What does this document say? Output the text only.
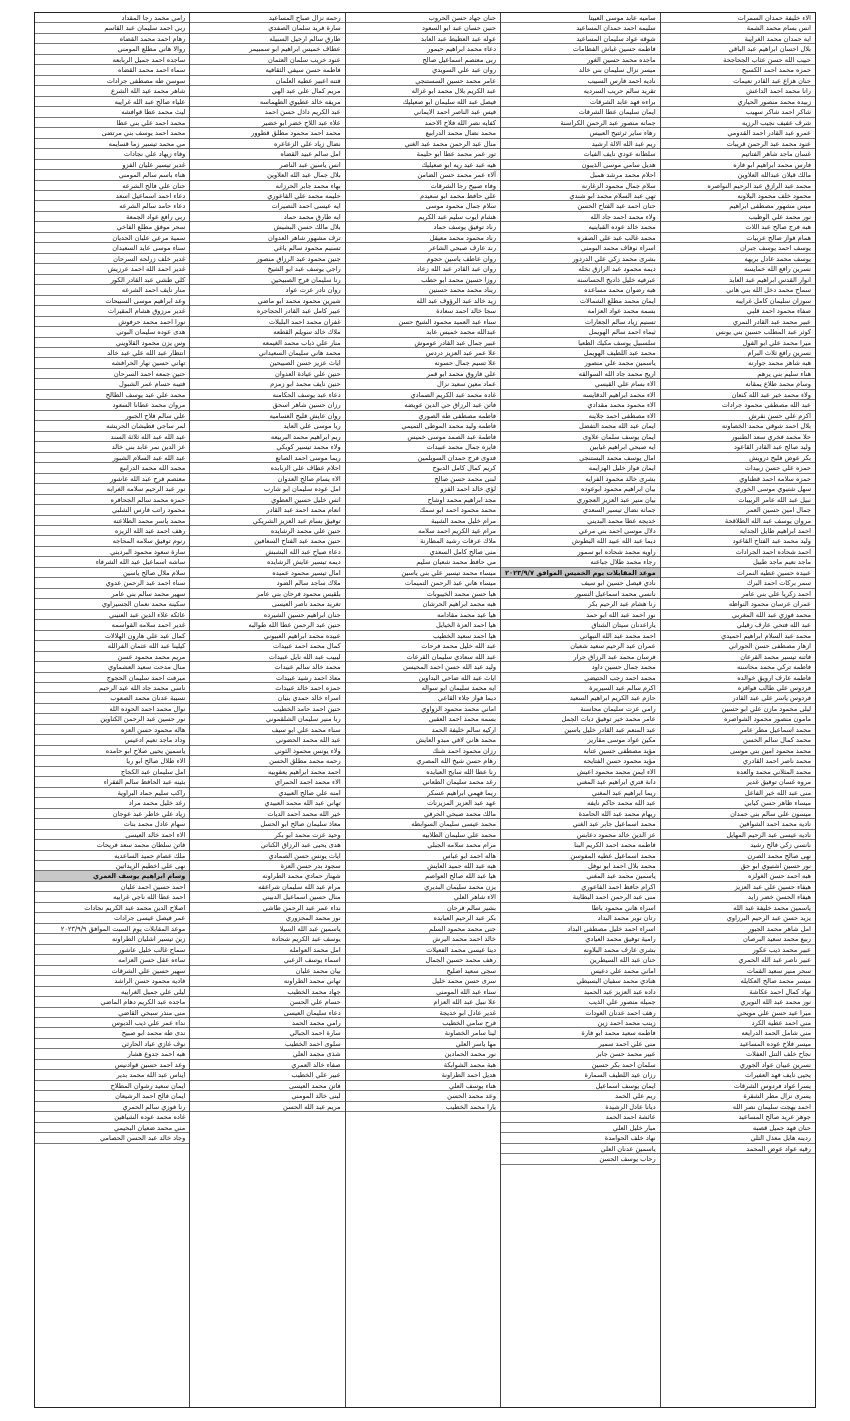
الاء خليفة حمدان السمرات
انس بسام محمد الشمة
ايه حمدان محمد الغرايبة
بلال احسان ابراهيم عبد الباقي
حبيب الله حسن عثاب الجحاجحة
حمزه محمد احمد الكسبح
حنان هزاع عبد القادر نعيمات
رانا محمد احمد الداعش
زبيده محمد منصور الحياري
شاكر احمد شاكر سهيب
شرف عفيف نجيب الرزيه
عمرو عبد القادر احمد القدومي
عنود محمد عبد الرحمن قريبات
غسان ماجد شاهر الفتاتيم
فارس محمد ابراهيم ابو فاره
مالك قبلان عبدالله العلاوين
محمد عبد الرازق عبد الرحيم النواصره
محمود خلف محمود البلاونه
ميس مشهور مصطفى ابراهيم
نور محمد علي الوظيب
هبه فرج صالح عبد اللات
همام فواز صالح عربيات
يوسف احمد يوسف جبران
يوسف محمد عادل بريهه
نسرين رافع الله خمايسه
انوار القدس ابراهيم عبد العابد
سماح محمد دخل الله بني هاني
سوزان سليمان كامل غرايبه
صفاء محمود احمد قلبي
عبير محمد عبد القادر النمري
كوثر عبد المطلب حسين بني يونس
ميرا محمد علي ابو الفول
نسرين رافع ثلاث البرام
هبه شاهر محمد جوارنه
هناء سليم بني يرهم
وسام محمد طلاع يمقانه
ولاء محمد خير عبد الله كنعان
عبد الله مصطفى محمود جرادات
اكرم علي حسن نقرش
بلال احمد شوقي محمد الخصاونه
حلا محمد فخري سعد الطنبور
وليد صالح عبد القادر القاعود
بكر عوض فليح درويش
حمزه علي حسن زبيدات
حمزه سلامه احمد قطناوي
سهل شتيوي موسى الخوري
نبيل عبد الله عامر الربيبات
جمال امين حسين العمر
مروان يوسف عبد الله الطلاقحة
احمد ابراهيم طايل الجدايه
وليد محمد عبد الفتاح القاعود
احمد شحاده احمد الجرادات
ماجد نعيم ماجد طبيل
عبيده حسين عطيه النمرات
سمر بركات احمد البرك
احمد زكريا علي بني عامر
عمران عرسان محمود النواظه
محمد فوزي عبد الله المغربي
عبد الله فتحي عارف زقيلي
محمد عبد السلام ابراهيم احميدي
ازهار مصطفى حسن الحوراني
فاتنه تيسير محمد القرعان
فاطمه تركي محمد محاسنه
فاطمه عارف ارويق خوالده
فردوس علي طالب فواقزه
فردوس ياسر علي عبد القادر
ليلى محمود مازن علي ابو حسين
مامون منصور محمود الشواصره
محمد اسماعيل مطر عامر
محمد كمال سالم الحسن
محمد محمود امين بني موسى
محمد ناصر احمد القادري
محمد المثلاني محمد والعده
مروه غسان توفيق غدير
منى عبد الله خير الفاعل
ميساء ظاهر حسن كبابي
ميسون علي سالم بني حمدان
ناديه محمد احمد الشوافين
ناديه عيسى عبد الرحيم المهايل
نانسي زكي فالح رشيد
نهى صالح محمد الصرن
نور حسين اشتيوي ابو حق
هبه احمد حسن الغولزه
هيفاء حسين علي عبد العزيز
هيفاء الحسن خضر زايد
ياسمين محمد خليفة عبد الله
يزيد حسن عبد الرحيم البرزاوي
امل شاهر محمد الجبور
ربيع محمد سعيد البرصان
عبير محمد ذيب عكور
عبير ناصر عبد الله الحمري
سحر منير سعيد القمات
ميسر محمد صالح العكايله
نهاد كمال احمد عكاشة
نور محمد عبد الله النويري
ميرا عيد حسن علي مويحي
مني احمد عطيه الكرد
مني شامل الحمد الدرايعه
ميسر فلاح عوده المساعيد
نجاح خلف التنل العفلات
نسرين عبيان عواد الجوري
يحيى نايف فهد العفيرات
يسرا عواد فردوس الشرقات
يسرى نزال مطر الشقرة
احمد بهجت سليمان نصر الله
جوهر عريد صالح المساعيد
حنان فهد جميل قصبه
ردينه هايل معذل التلي
رقيه عواد عوض المحمد
ساميه عابد موسى العبيتا
سليمه احمد حمدان المساعيد
شوقه عواد سليمان المساعيد
فاطمه حسين غباش الفطامات
ماجده محمد حسين الغور
ميسر نزال سليمان بني خالد
ناديه احمد فارس السبيب
تقريد سالم حريب السرديه
براءه فهد عابد الشرقات
ايمان سليمان عطا الشرقات
جمانه منصور عبد الرحمن الكراسنة
رهاء ساير ثرثتيح العبيس
ريم عبد الله الالة ارشيد
سلطانه عودي نايف الفيات
هديل سامي موسى الذيبون
احلام محمد مرشد همبل
سلام جمال محمود الزغارنه
تهي عبد السلام محمد ابو شندي
حنان احمد عبد الفتاح الحسن
ولاء محمد احمد جاد الله
محمد خالد عوده القباينيه
محمد غالب عبد علي الصفره
اسراء نوفاف محمد البومني
بشرى محمد زكي علي الدردور
ديمه محمود عبد الرازق نخله
عبرفيه خليل ذاديخ الحساسنه
هبه رضوان محمد مساعده
ايمان محمد مطلع الشمالات
بسمه محمد عواد العزامه
تسنيم زياد سالم الجعارات
ثيماء احمد سالم الهويمل
سلسبيل يوسف مكيك الطعيا
محمد عبد اللطيف الهويمل
ياسمين محمد علي منصور
اريج محمد جاد الله السوالقه
الاء بسام علي القيسي
الاء محمد ابراهيم الدقايسه
الاء محمود محمد مقدادي
الاء مصطفى احمد جلاينه
ايمان عبد الله محمد التفضل
ايمان يوسف سلمان علاوى
ايه صبحي ابراهيم غيابين
امال يوسف محمد البستنجي
ايمان فواز خليل الهزايمه
بشرى خالد محمود الفرايه
بيان ابراهيم محمود ابوعوده
بيان منير عبد العزيز العجوري
جمانه نضال تيسير السعدي
خديجه عطا محمد البديني
دلال موسى احمد بني مرعي
ديما عبد الله عبيد الله البطوش
راويه محمد شحاده ابو سمور
رجاء محمد طلال جباعنه
موعد المقابلات يوم الخميس الموافق ٢٠٢٣/٩/٧
نادي فيصل حسين ابو سيف
نانسي محمد اسماعيل النسور
رنا هشام عبد الرحيم بكر
نور احمد عبد الله ابو حمد
ياراعدنان سيتان الشتاق
احمد محمد عبد الله النبهاني
عمران عبد الرحيم سعيد شعبان
فرسان محمد عبد الرزاق جرار
محمد جمال حسين داود
محمد احمد زجب الحتيضي
اكرم سالم عبد السيريرة
حازم عبد الكريم ابراهيم السعيد
رامي عزت سليمان محاسنة
عامر محمد خير توفيق ديات الجمل
عبد المنعم عبد القادر خليل ياسين
مكين عواد موسى مقاريز
مؤيد مصطفى حسين عتابه
مؤيد محمود حسن الفتايحه
الاء ايمن محمد محمود اعيش
دانة فتري ابراهيم عبد المغني
ريما ابراهيم عبد المغني
عبد الله محمد حاكم نايفه
ريهام محمد عبد الله الحامدة
محمد اسماعيل جابر عبد الغني
عز الدين خالد محمود دعابس
فاطمه محمد احمد الكريم البنا
محمد اسماعيل عطيه المفوسن
محمد بلال احمد ابو نوفل
ياسمين محمد عبد المغني
اكرام حافظ احمد الفاعوري
منى عبد الرحمن احمد البطاينة
اسراء هاني محمود باطا
رتان نوير محمد البداد
اسراء احمد خليل مصطفى البداد
رامية توفيق محمد العيادي
بشرى عارف محمد البلاونه
حنان عبد الله السيطرين
اماني محمد علي دعيس
هنادي محمد سفيان البسيطي
داده عبد العزيز عبد الحميد
جميله منصور علي الذيب
رهف احمد عدنان العودات
زينب محمد احمد زين
فاطمه سعيد محمد ابو فارة
منى علي احمد سمير
عبير محمد حسن جابر
سلمان احمد بكر حسين
رزان عيد اللطيف السمارة
ايمان يوسف اسماعيل
ريم علي الحمد
ديانا عادل الرشيدة
عائشة احمد الحمد
ميار خليل العلي
نهاد خلف الحوامدة
ياسمين عدنان العلي
رحاب يوسف الحسن
حنان جهاد حسن الحروب
حنين حسان عبد ابو السعود
عوله عبد العظيط عبد العابد
دعاء محمد ابراهيم حيمور
ربى معتصم اسماعيل صالح
روان عبد علي السويدي
عامر محمد حسين السستنجي
عبد الكريم بلال محمد ابو غزاله
فيصل عبد الله سليمان ابو صعيليك
فيس عبد الناصر احمد الايماني
كفايه نصر الله فلاح الاحمد
محمد نضال محمد الدراببع
منال عبد الرحمن محمد عبد الغني
تور عمر محمد عطا ابو حليمة
هيه عبد عيد ريه ابو صعيليك
آلاء عمر محمد حسن الضامن
وفاء صبيح رجا الشرقات
علي حافظ محمد ابو سعيدم
سلام جمال محمود موسى
هشام ايوب سليم عبد الكريم
رناد توفيق يوسف حماد
رناد محمود محمد معيقل
رند عارف صبحي الشاعر
روان عاطف ياسين حجوم
روان عبد القادر عبد الله زعاد
روزا حسين محمد ابو حطب
ريناد محمد محمد حسنين
زيد خالد عبد الرؤوف عبد الله
سجا خالد احمد سعادة
سناء عبد العميد محمود الشيخ حسن
عبدالله محمد خميس عابد
عبير جمال عبد القادر عوموش
علا عمر عبد العزيز دردس
علا تسيم جمال حسونه
علي فاروق محمد ابو قمر
عماد معين سعيد نزال
غاده محمد عبد الكريم الصمادي
فاتن عبد الرزاق حي الدين عويضه
فاطمه مصطفى طه الصوري
فاطمه وليد محمد الموطى التميمي
فاطمة عبد الصمد موسى خميس
فايزه جمال محمد عبيدات
فدوى فرج حمدان السويلمين
كريم كمال كامل الدبوح
لبنى محمد حسن صالح
لؤي خالد احمد الفزو
مجد ابراهيم محمد اوشاح
محمد محمود احمد ابو سمك
مرام خليل محمد الشيبة
مرام عيد الكريم احمد سلامه
ملاك عرفات رشيد المطارنة
منى صالح كامل السعدي
مي حافظ محمد شعبان سليم
ميساء محمد تيسير علي بني ياسين
ميساء هاني عبد الرحمن التميمات
هبا حسن محمد الخيبوبات
هبه محمد ابراهيم الحرشان
هيا عيد محمد مقادامه
هيا احمد العزة الخيايل
هيا احمد سعيد الخطيب
عبد الله خليل محمد فرحات
عبد الله سعادي سليمان القرعات
وليد عبد الله حسن احمد المحيسن
اياث عبد الله ضاحي البداوين
ايه محمد سليمان ابو سواله
ديما فواز جلاء القاعي
اماني محمد محمود الزواوي
بسمه محمد احمد العقبي
اركيه سالم خليفة الحمد
محمد هاني لافي مبدو العايش
رزان محمود احمد شنك
رهام حسن شيخ الله المصري
رنا عطا الله سابح العبايده
رغد محمد سليمان الطعاني
ريما فهمي ابراهيم عسكر
عهد عبد العزيز المزيزنات
مالك محمد صبحي الحرفي
محمد عيسى سليمان السوابطه
محمد علي سليمان الطلابيه
مرام محمد سلامه الجبلي
هاله احمد ابو عباس
هبه عبد الله حميد العايش
هيا عبد الله صالح العواصم
يزن محمد سليمان البديري
الاء شاهر العلي
بشير سالم فرحان
بكر عبد الرحيم العيايده
جنى محمد محمود السلم
خالد احمد محمد البرش
دينا عيسى محمد الفعيلات
رهف محمد حسين الجمال
سجى سعيد اصليح
سرى حسن محمد خليل
سناء عبد الله المومني
علا نبيل عبد الله العزام
غدير عادل ابو خديجة
فرح سامي الخطيب
لينا سامر الخصاونة
مها ياسر العلي
نور محمد الحمادين
هبة محمد الشوابكة
هديل احمد الطراونة
هناء يوسف العلي
وعد محمد الحسن
يارا محمد الخطيب
رحمه نزال صباح المساعيد
سارة فريد سلمان الصفدي
طارق سالم ارحيل السبيله
عطاف خميس ابراهيم ابو سمبيمر
عنود خريب سلمان العثمان
فاطمه حسن سيفي الثقافيه
فتنه اعبير عطيه العلمان
مريم كمال علي عبد الهي
مريفه خالد عطيوي الطهماسه
عبد الكريم داذل حسن احمد
علاء عبد اللاح خضر ابو خضير
محمد احمد محمود مطلق قطوور
نضال زياد علي الزعاعره
امل سالم عبيد القضاه
انس ياسين عبد الناصر
بلال جمال عبد الله العلاوين
بهاء محمد جابر الحرزانه
حليمه محمد علي القاعوري
ايه عيسى احمد النصيرات
ايه طارق محمد حماد
بلال مالك حسن البشيش
ترف مشهور شاهر العدوان
تسنيم محمود سالم ياغي
جنين محمود عبد الرزاق منصور
راجي يوسف عبد ابو الشيخ
رنا سليمان فرح الصبيحين
روان نادر عزت عواد
شيرين محمود محمد ابو ماضي
عبير كامل عبد القادر الحجاجره
غفران محمد احمد البلبلات
ملاك خالد سويلم القطعه
منار علي ذياب محمد الغيمعه
محمد هاني سليمان السعيداني
اياث عزيز حسن الصبيحين
حنين علي عيادة العدوان
حنين نايف محمد ابو زمزم
دعاء عبد يوسف الحكامنه
رزان حسين شاهر اسحق
روان عايش فليح العساميه
ريا موسى علي العايد
ريم ابراهيم محمد البربيعه
ولاء محمد تيسير كويكي
ريما موسى احمد الصانع
احلام عطاف علي الزبابده
الاء يسام صالح العدوان
امل عوده سليمان ابو شارب
انس خليل حسين العطوي
انعام محمد احمد عبد القادر
توفيق بسام عبد العزيز الشريكي
حنين علي محمد الرشايده
حنين محمد عبد الفتاح السعافين
دعاء صياح عبد الله البشبش
ديمه تيسير عايش الرشايده
امال تيسير محمود عميده
ملاك ساجد سالم الضود
بلقيس محمود فرحان بني عامر
تغريد محمد ناصر العيسى
حنان ابراهيم حسين الشيرده
حنين عبد الرحمن عطا الله طوالبه
عبيده محمد ابراهيم العبيوني
كمال محمد احمد عبيدات
ليبيب عبد الله نايل عبيدات
محمد خالد سالم عبيدات
معاذ احمد رشيد عبيدات
حمزه احمد خالد عبيدات
اسراء خالد حمدي بنيان
حنين احمد حامد الخطيب
ربا منير سليمان الشلقموني
سناء محمد علي ابو سيف
عبد الله محمد الحضوني
ولاء يونس محمود الثوني
رحمه محمد مطلق الحسن
احمد محمد ابراهيم يعقوبيه
الاء محمد احمد الحمراي
امنه علي صالح العبيدي
تهاني عبد الله محمد العبيدي
خير الله محمد احمد الديات
معاذ سليمان صالح ابو الحسل
وحيد عزت محمد ابو بكر
هدى يحيى عبد الرزاق الكناتي
ايات يونس حسن الصمادي
سجود بدر حسن العزة
شهناز حمادي محمد الطراونه
مرام عبد الله سليمان شراعقه
منال حسين اسماعيل الدبيني
نداء عمر عبد الرحمن طاشي
نور محمد المحزوري
ياسمين عبد الله السيلا
يوسف عبد الكريم شحاده
امل محمد العوامله
اسماء يوسف الزعبي
بيان محمد عليان
تهاني محمد الطراونه
جهاد محمد الخطيب
حسام علي الحسن
دعاء سليمان العيسى
رامي محمد الحمد
سارة احمد الجبالي
سلوى احمد الخطيب
شذى محمد العلي
صفاء خالد العمري
عبير علي الخطيب
فاتن محمد العيسى
لبنى خالد المومني
مريم عبد الله الحسن
رامي محمد رجا المقداد
ربي احمد سليمان عبد القاسم
رهام احمد محمد القضاه
روالا هاني مطلع المومني
ساجده احمد جميل الربابعه
سماء احمد محمد القضاه
سوسن طه مصطفى جرادات
شاهر محمد عبد الله الشرع
علياء صالح عبد الله غرايبه
ليث محمد عطا قوافشه
محمد احمد علي بني عطا
محمد احمد يوسف بني مرتضى
مي محمد تيسير زما قسايمه
وفاء زيهاد علي نجادات
غدير تيسير عليان الفزو
هناء باسم سالم المومني
حنان علي فالح الشرعه
دعاء احمد اسماعيل اسعد
دعاء حامد سالم الشرعه
ربي رافع عواد الجمعة
سحر موفق مطلع الفاخي
سمية مرعي عليان الحديان
سناء موسى عايد السعيدان
غدير خلف زرلحه السرحان
غدير احمد الله احمد عرزيش
كلي طشي عبد القادر الكور
منار نايف احمد الشرعه
وعد ابراهيم موسى السبيحات
غدير مرزوق هشام المقيرات
نورا احمد محمد حرفوش
هدى عوده سليمان البوتي
وس يزن محمود القلاويني
انتظار عبد الله علي عبد خالد
تهاني حسين نهار الحرافشه
حنين جمعه احمد السرحان
فتيبه حسام عمر الشبول
محمد علي عبد يوسف الطالح
مروان محمد عطانا السعود
علي سالم فلاح الجبور
لمر ساجي قطيشان الحريشه
عبد الله عبد الله ثلاثة السند
عز الدين نمر عابد بني خالد
عبد الله عبد السلام الشبور
محمد الله محمد الدراببع
معتصم فرح عبد الله عاشور
نور عبد الرحيم سلامه الغرابه
حمزه محمد سالم الجحافره
محمود راتب فارس الشلبي
محمد ياسر محمد الطلاعنه
رهف احمد عبد الله الزيزه
رنوم توفيق سلامه المحاجه
سارة سعود محمود البرديني
ساشه اسماعيل عبد الله الشرفاء
سلام ملال صالح ياسين
سناء احمد عبد الرحمن عدوي
سهير محمد سالم بني عامر
سكينه محمد نعمان الجسيراوي
عائكه علاء الدين عبد العنيني
غدير احمد سلامه القواسمه
كمال عبد علي هارون الهلالات
كيلينا عبد الله عثمان الفرالله
مريم محمد محمود عسن
منال مدحت سعيد العشماوي
ميرفت احمد سليمان الحجوج
ناسي محمد جاد الله عبد الرحيم
نسيبة عدنان محمد الصعوب
نوال محمد احمد الحوده الله
نور حسين عبد الرحمن الكناوين
هاله محمود حسن العزه
وداد ماجد نعيم ادعيس
ياسمين يحيى صلاح ابو حامده
الاء طلال صالح ابو ريا
امل سليمان عبد الكجاج
بثينه عبد الحافظ سالم الفقراء
راكب سليم حماد البراوية
رغد خليل محمد مراد
زياد علي خاطر عبد عوجان
سهام عادل محمد بنات
الاء احمد خالد العيسى
فاتن سلطان محمد سعد فريحات
ملك عصام حميد الساعديه
نهى علي اخطيم الزيداتين
وسام ابراهيم يوسف العمري
احمد حسين احمد عليان
احمد عطا الله ناجي غرابيه
اصلاح الدين محمد عبد الكريم نجادات
عمر فيصل عيسى جرادات
موعد المقابلات يوم السبت الموافق ٢٠٢٣/٩/٩
زين تيسير اشليان الطراونه
سماح غالب خليل عاشور
ساءه عقل حسن العزامه
سهير حسين علي الشرقات
فاديه محمود حسن الراشد
ليلى علي جميل الغرايبه
ماجده عبد الكريم دهام الماضي
منى منذر سبحي القاضي
نداء عمر علي ذيب الدبوس
ندى طه محمد ابو صبيح
نوف غازي عياد الحارثي
هبه احمد جدوع هشار
وعد احمد حسين قوادنيس
ايناس عبد الله محمد بدير
ايمان سعيد رشوان المطلاح
ايمان فالح احمد الرشيعان
رنا فوزي سالم الحمري
غاده محمد عوده الشياهين
مني محمد ضعيان البحيمي
وجاد خالد عبد الحسن الحصامي
